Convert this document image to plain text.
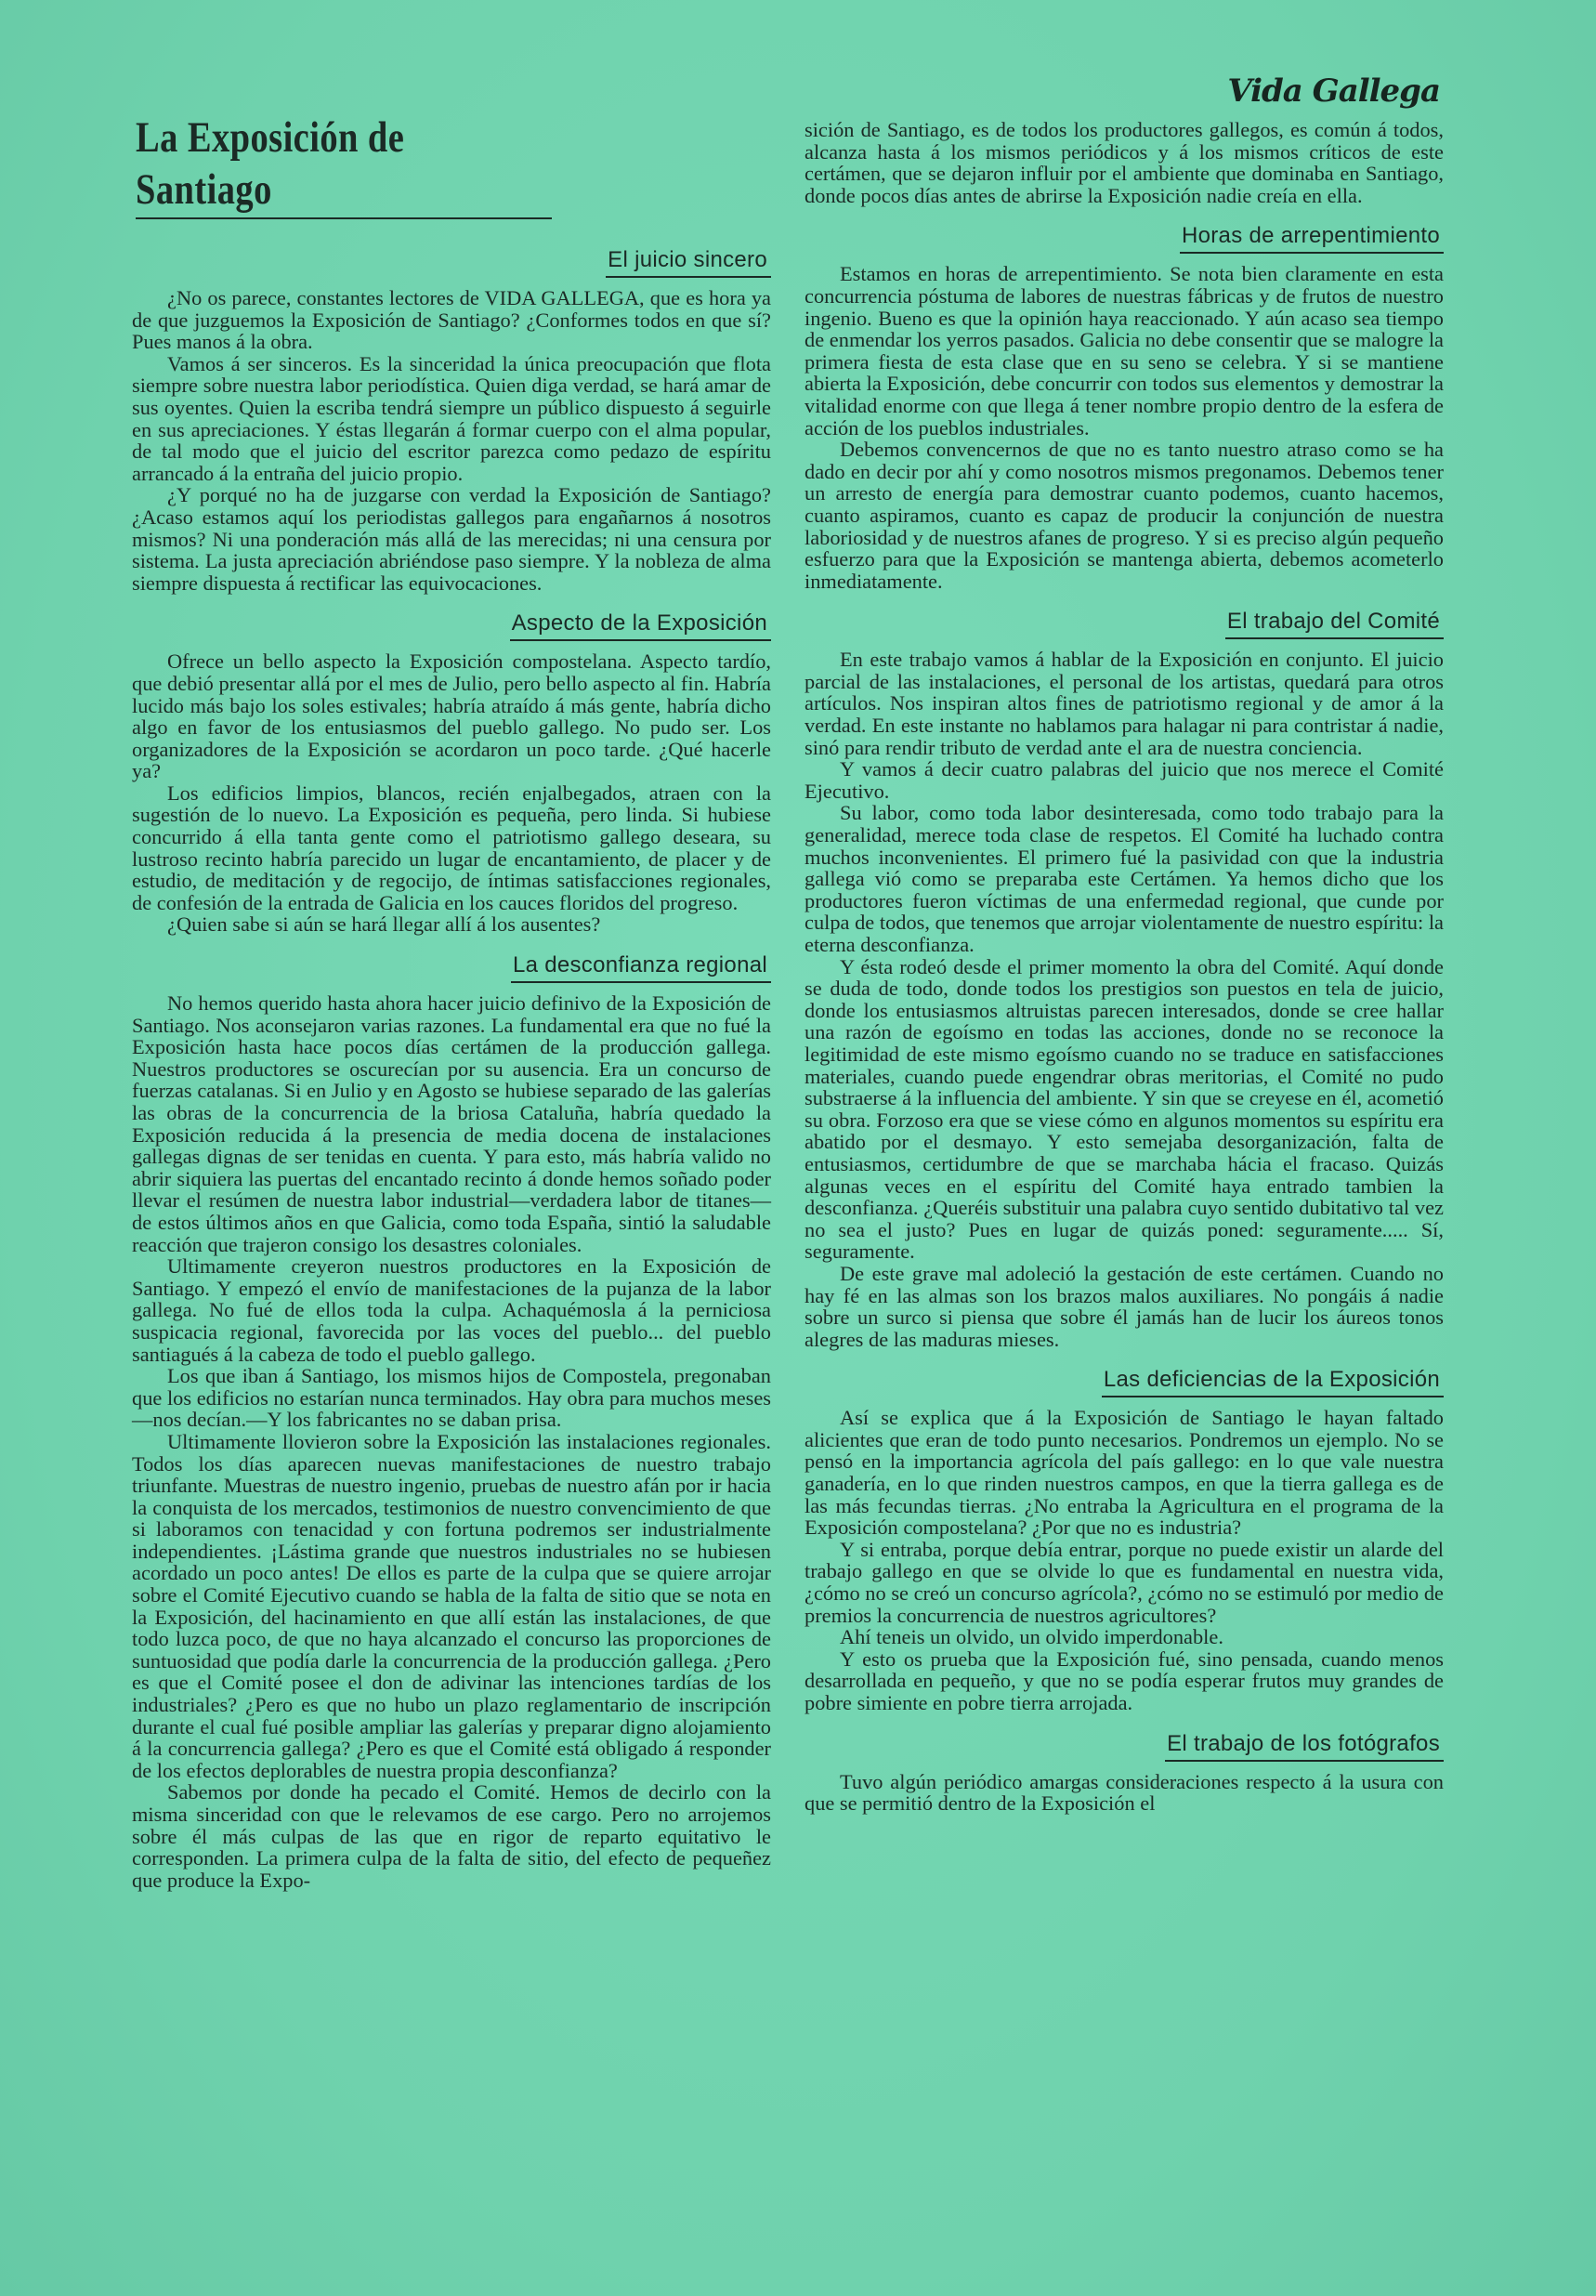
Vida Gallega
La Exposición de Santiago
El juicio sincero

¿No os parece, constantes lectores de VIDA GALLEGA, que es hora ya de que juzguemos la Exposición de Santiago? ¿Conformes todos en que sí? Pues manos á la obra.

Vamos á ser sinceros. Es la sinceridad la única preocupación que flota siempre sobre nuestra labor periodística. Quien diga verdad, se hará amar de sus oyentes. Quien la escriba tendrá siempre un público dispuesto á seguirle en sus apreciaciones. Y éstas llegarán á formar cuerpo con el alma popular, de tal modo que el juicio del escritor parezca como pedazo de espíritu arrancado á la entraña del juicio propio.

¿Y porqué no ha de juzgarse con verdad la Exposición de Santiago? ¿Acaso estamos aquí los periodistas gallegos para engañarnos á nosotros mismos? Ni una ponderación más allá de las merecidas; ni una censura por sistema. La justa apreciación abriéndose paso siempre. Y la nobleza de alma siempre dispuesta á rectificar las equivocaciones.

Aspecto de la Exposición

Ofrece un bello aspecto la Exposición compostelana. Aspecto tardío, que debió presentar allá por el mes de Julio, pero bello aspecto al fin. Habría lucido más bajo los soles estivales; habría atraído á más gente, habría dicho algo en favor de los entusiasmos del pueblo gallego. No pudo ser. Los organizadores de la Exposición se acordaron un poco tarde. ¿Qué hacerle ya?

Los edificios limpios, blancos, recién enjalbegados, atraen con la sugestión de lo nuevo. La Exposición es pequeña, pero linda. Si hubiese concurrido á ella tanta gente como el patriotismo gallego deseara, su lustroso recinto habría parecido un lugar de encantamiento, de placer y de estudio, de meditación y de regocijo, de íntimas satisfacciones regionales, de confesión de la entrada de Galicia en los cauces floridos del progreso.

¿Quien sabe si aún se hará llegar allí á los ausentes?

La desconfianza regional

No hemos querido hasta ahora hacer juicio definivo de la Exposición de Santiago. Nos aconsejaron varias razones. La fundamental era que no fué la Exposición hasta hace pocos días certámen de la producción gallega. Nuestros productores se oscurecían por su ausencia. Era un concurso de fuerzas catalanas. Si en Julio y en Agosto se hubiese separado de las galerías las obras de la concurrencia de la briosa Cataluña, habría quedado la Exposición reducida á la presencia de media docena de instalaciones gallegas dignas de ser tenidas en cuenta. Y para esto, más habría valido no abrir siquiera las puertas del encantado recinto á donde hemos soñado poder llevar el resúmen de nuestra labor industrial—verdadera labor de titanes—de estos últimos años en que Galicia, como toda España, sintió la saludable reacción que trajeron consigo los desastres coloniales.

Ultimamente creyeron nuestros productores en la Exposición de Santiago. Y empezó el envío de manifestaciones de la pujanza de la labor gallega. No fué de ellos toda la culpa. Achaquémosla á la perniciosa suspicacia regional, favorecida por las voces del pueblo... del pueblo santiagués á la cabeza de todo el pueblo gallego.

Los que iban á Santiago, los mismos hijos de Compostela, pregonaban que los edificios no estarían nunca terminados. Hay obra para muchos meses—nos decían.—Y los fabricantes no se daban prisa.

Ultimamente llovieron sobre la Exposición las instalaciones regionales. Todos los días aparecen nuevas manifestaciones de nuestro trabajo triunfante. Muestras de nuestro ingenio, pruebas de nuestro afán por ir hacia la conquista de los mercados, testimonios de nuestro convencimiento de que si laboramos con tenacidad y con fortuna podremos ser industrialmente independientes. ¡Lástima grande que nuestros industriales no se hubiesen acordado un poco antes! De ellos es parte de la culpa que se quiere arrojar sobre el Comité Ejecutivo cuando se habla de la falta de sitio que se nota en la Exposición, del hacinamiento en que allí están las instalaciones, de que todo luzca poco, de que no haya alcanzado el concurso las proporciones de suntuosidad que podía darle la concurrencia de la producción gallega. ¿Pero es que el Comité posee el don de adivinar las intenciones tardías de los industriales? ¿Pero es que no hubo un plazo reglamentario de inscripción durante el cual fué posible ampliar las galerías y preparar digno alojamiento á la concurrencia gallega? ¿Pero es que el Comité está obligado á responder de los efectos deplorables de nuestra propia desconfianza?

Sabemos por donde ha pecado el Comité. Hemos de decirlo con la misma sinceridad con que le relevamos de ese cargo. Pero no arrojemos sobre él más culpas de las que en rigor de reparto equitativo le corresponden. La primera culpa de la falta de sitio, del efecto de pequeñez que produce la Expo-

sición de Santiago, es de todos los productores gallegos, es común á todos, alcanza hasta á los mismos periódicos y á los mismos críticos de este certámen, que se dejaron influir por el ambiente que dominaba en Santiago, donde pocos días antes de abrirse la Exposición nadie creía en ella.

Horas de arrepentimiento

Estamos en horas de arrepentimiento. Se nota bien claramente en esta concurrencia póstuma de labores de nuestras fábricas y de frutos de nuestro ingenio. Bueno es que la opinión haya reaccionado. Y aún acaso sea tiempo de enmendar los yerros pasados. Galicia no debe consentir que se malogre la primera fiesta de esta clase que en su seno se celebra. Y si se mantiene abierta la Exposición, debe concurrir con todos sus elementos y demostrar la vitalidad enorme con que llega á tener nombre propio dentro de la esfera de acción de los pueblos industriales.

Debemos convencernos de que no es tanto nuestro atraso como se ha dado en decir por ahí y como nosotros mismos pregonamos. Debemos tener un arresto de energía para demostrar cuanto podemos, cuanto hacemos, cuanto aspiramos, cuanto es capaz de producir la conjunción de nuestra laboriosidad y de nuestros afanes de progreso. Y si es preciso algún pequeño esfuerzo para que la Exposición se mantenga abierta, debemos acometerlo inmediatamente.

El trabajo del Comité

En este trabajo vamos á hablar de la Exposición en conjunto. El juicio parcial de las instalaciones, el personal de los artistas, quedará para otros artículos. Nos inspiran altos fines de patriotismo regional y de amor á la verdad. En este instante no hablamos para halagar ni para contristar á nadie, sinó para rendir tributo de verdad ante el ara de nuestra conciencia.

Y vamos á decir cuatro palabras del juicio que nos merece el Comité Ejecutivo.

Su labor, como toda labor desinteresada, como todo trabajo para la generalidad, merece toda clase de respetos. El Comité ha luchado contra muchos inconvenientes. El primero fué la pasividad con que la industria gallega vió como se preparaba este Certámen. Ya hemos dicho que los productores fueron víctimas de una enfermedad regional, que cunde por culpa de todos, que tenemos que arrojar violentamente de nuestro espíritu: la eterna desconfianza.

Y ésta rodeó desde el primer momento la obra del Comité. Aquí donde se duda de todo, donde todos los prestigios son puestos en tela de juicio, donde los entusiasmos altruistas parecen interesados, donde se cree hallar una razón de egoísmo en todas las acciones, donde no se reconoce la legitimidad de este mismo egoísmo cuando no se traduce en satisfacciones materiales, cuando puede engendrar obras meritorias, el Comité no pudo substraerse á la influencia del ambiente. Y sin que se creyese en él, acometió su obra. Forzoso era que se viese cómo en algunos momentos su espíritu era abatido por el desmayo. Y esto semejaba desorganización, falta de entusiasmos, certidumbre de que se marchaba hácia el fracaso. Quizás algunas veces en el espíritu del Comité haya entrado tambien la desconfianza. ¿Queréis substituir una palabra cuyo sentido dubitativo tal vez no sea el justo? Pues en lugar de quizás poned: seguramente..... Sí, seguramente.

De este grave mal adoleció la gestación de este certámen. Cuando no hay fé en las almas son los brazos malos auxiliares. No pongáis á nadie sobre un surco si piensa que sobre él jamás han de lucir los áureos tonos alegres de las maduras mieses.

Las deficiencias de la Exposición

Así se explica que á la Exposición de Santiago le hayan faltado alicientes que eran de todo punto necesarios. Pondremos un ejemplo. No se pensó en la importancia agrícola del país gallego: en lo que vale nuestra ganadería, en lo que rinden nuestros campos, en que la tierra gallega es de las más fecundas tierras. ¿No entraba la Agricultura en el programa de la Exposición compostelana? ¿Por que no es industria?

Y si entraba, porque debía entrar, porque no puede existir un alarde del trabajo gallego en que se olvide lo que es fundamental en nuestra vida, ¿cómo no se creó un concurso agrícola?, ¿cómo no se estimuló por medio de premios la concurrencia de nuestros agricultores?

Ahí teneis un olvido, un olvido imperdonable.

Y esto os prueba que la Exposición fué, sino pensada, cuando menos desarrollada en pequeño, y que no se podía esperar frutos muy grandes de pobre simiente en pobre tierra arrojada.

El trabajo de los fotógrafos

Tuvo algún periódico amargas consideraciones respecto á la usura con que se permitió dentro de la Exposición el
